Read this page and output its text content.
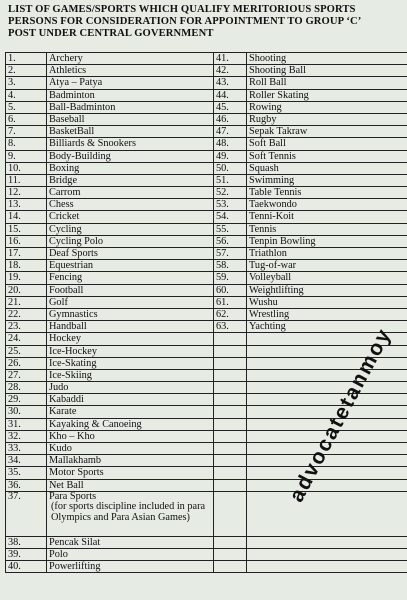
LIST OF GAMES/SPORTS WHICH QUALIFY MERITORIOUS SPORTS
PERSONS FOR CONSIDERATION FOR APPOINTMENT TO GROUP ‘C’
POST UNDER CENTRAL GOVERNMENT
1.	Archery	41.	Shooting
2.	Athletics	42.	Shooting Ball
3.	Atya – Patya	43.	Roll Ball
4.	Badminton	44.	Roller Skating
5.	Ball-Badminton	45.	Rowing
6.	Baseball	46.	Rugby
7.	BasketBall	47.	Sepak Takraw
8.	Billiards & Snookers	48.	Soft Ball
9.	Body-Building	49.	Soft Tennis
10.	Boxing	50.	Squash
11.	Bridge	51.	Swimming
12.	Carrom	52.	Table Tennis
13.	Chess	53.	Taekwondo
14.	Cricket	54.	Tenni-Koit
15.	Cycling	55.	Tennis
16.	Cycling Polo	56.	Tenpin Bowling
17.	Deaf Sports	57.	Triathlon
18.	Equestrian	58.	Tug-of-war
19.	Fencing	59.	Volleyball
20.	Football	60.	Weightlifting
21.	Golf	61.	Wushu
22.	Gymnastics	62.	Wrestling
23.	Handball	63.	Yachting
24.	Hockey		
25.	Ice-Hockey		
26.	Ice-Skating		
27.	Ice-Skiing		
28.	Judo		
29.	Kabaddi		
30.	Karate		
31.	Kayaking & Canoeing		
32.	Kho – Kho		
33.	Kudo		
34.	Mallakhamb		
35.	Motor Sports		
36.	Net Ball		
37.	Para Sports
(for sports discipline included in para Olympics and Para Asian Games)		

38.	Pencak Silat		
39.	Polo		
40.	Powerlifting		
advocatetanmoy
